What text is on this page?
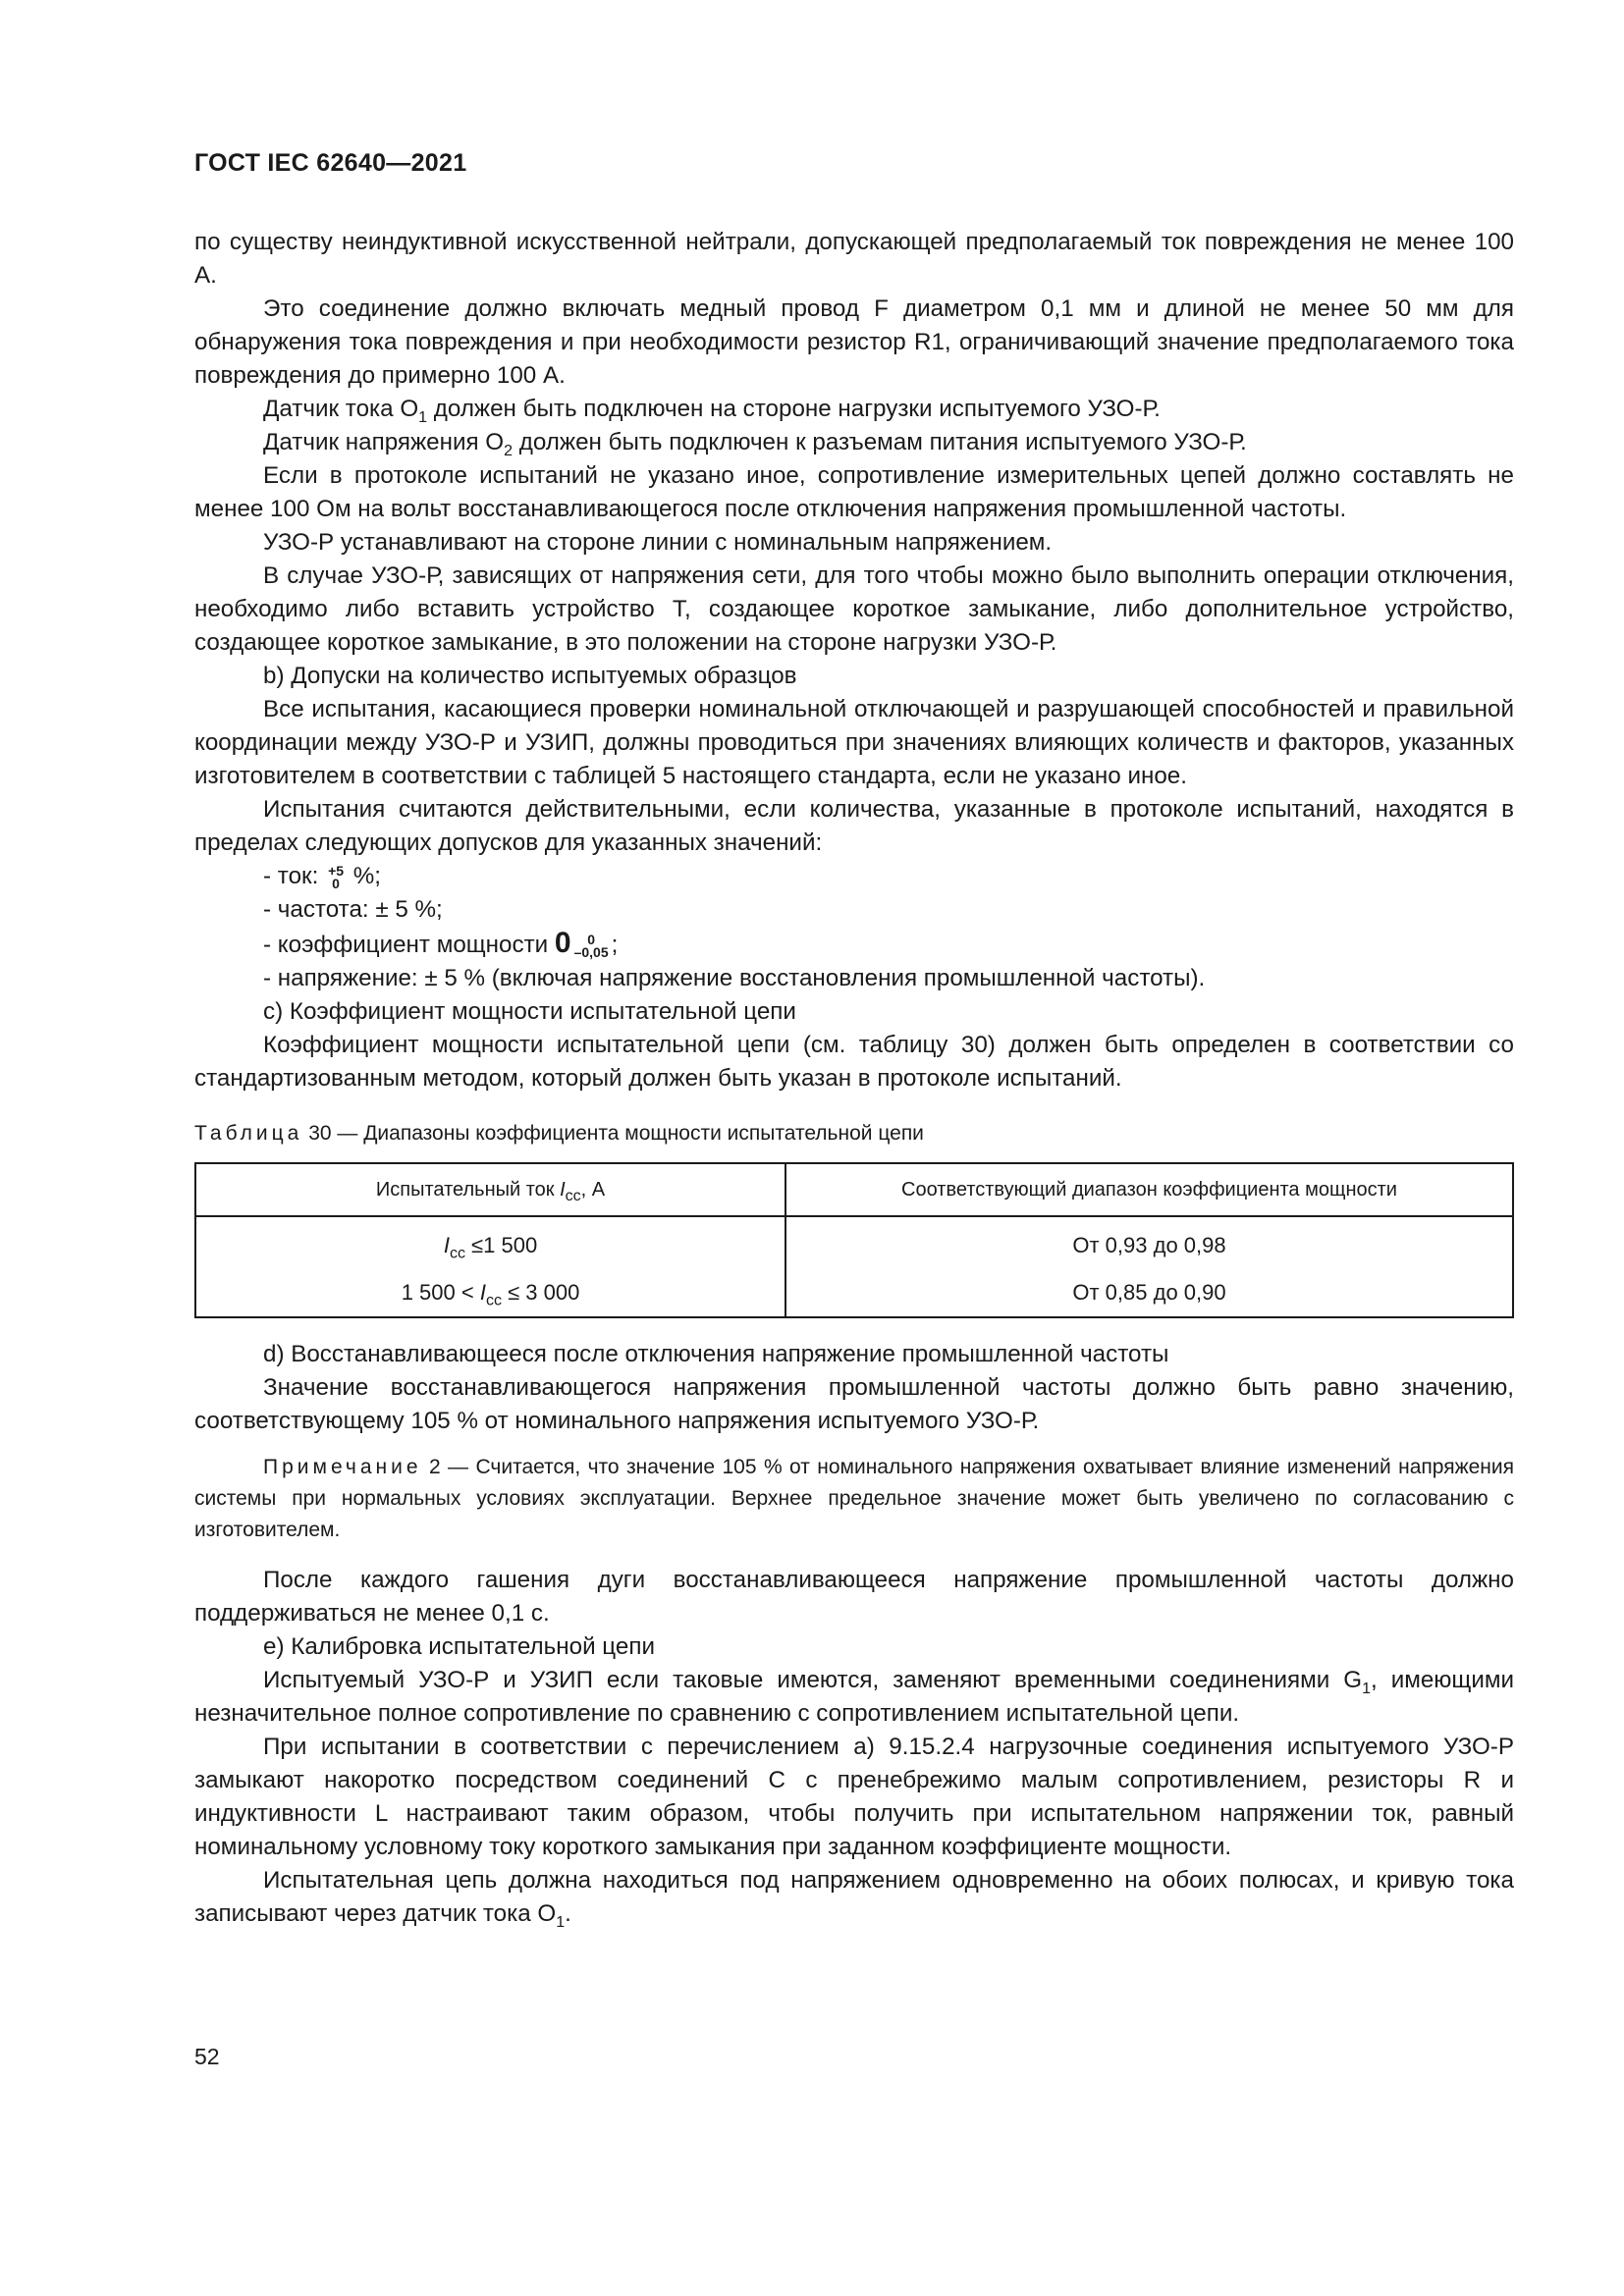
ГОСТ IEC 62640—2021

по существу неиндуктивной искусственной нейтрали, допускающей предполагаемый ток повреждения не менее 100 А.

Это соединение должно включать медный провод F диаметром 0,1 мм и длиной не менее 50 мм для обнаружения тока повреждения и при необходимости резистор R1, ограничивающий значение предполагаемого тока повреждения до примерно 100 А.

Датчик тока $O_1$ должен быть подключен на стороне нагрузки испытуемого УЗО-Р.

Датчик напряжения $O_2$ должен быть подключен к разъемам питания испытуемого УЗО-Р.

Если в протоколе испытаний не указано иное, сопротивление измерительных цепей должно составлять не менее 100 Ом на вольт восстанавливающегося после отключения напряжения промышленной частоты.

УЗО-Р устанавливают на стороне линии с номинальным напряжением.

В случае УЗО-Р, зависящих от напряжения сети, для того чтобы можно было выполнить операции отключения, необходимо либо вставить устройство Т, создающее короткое замыкание, либо дополнительное устройство, создающее короткое замыкание, в это положении на стороне нагрузки УЗО-Р.

b) Допуски на количество испытуемых образцов

Все испытания, касающиеся проверки номинальной отключающей и разрушающей способностей и правильной координации между УЗО-Р и УЗИП, должны проводиться при значениях влияющих количеств и факторов, указанных изготовителем в соответствии с таблицей 5 настоящего стандарта, если не указано иное.

Испытания считаются действительными, если количества, указанные в протоколе испытаний, находятся в пределах следующих допусков для указанных значений:

- ток: +5
0 %;

- частота: ± 5 %;

- коэффициент мощности 0	0
–0,05 ;

- напряжение: ± 5 % (включая напряжение восстановления промышленной частоты).

c) Коэффициент мощности испытательной цепи

Коэффициент мощности испытательной цепи (см. таблицу 30) должен быть определен в соответствии со стандартизованным методом, который должен быть указан в протоколе испытаний.

Таблица 30 — Диапазоны коэффициента мощности испытательной цепи
Испытательный ток $I_{cc}$, А	Соответствующий диапазон коэффициента мощности
$I_{cc} \le 1$ 500	От 0,93 до 0,98
1 $500 < I_{cc} \le 3$ 000	От 0,85 до 0,90

d) Восстанавливающееся после отключения напряжение промышленной частоты

Значение восстанавливающегося напряжения промышленной частоты должно быть равно значению, соответствующему 105 % от номинального напряжения испытуемого УЗО-Р.

Примечание 2 — Считается, что значение 105 % от номинального напряжения охватывает влияние изменений напряжения системы при нормальных условиях эксплуатации. Верхнее предельное значение может быть увеличено по согласованию с изготовителем.

После каждого гашения дуги восстанавливающееся напряжение промышленной частоты должно поддерживаться не менее 0,1 с.

e) Калибровка испытательной цепи

Испытуемый УЗО-Р и УЗИП если таковые имеются, заменяют временными соединениями $G_1$, имеющими незначительное полное сопротивление по сравнению с сопротивлением испытательной цепи.

При испытании в соответствии с перечислением а) 9.15.2.4 нагрузочные соединения испытуемого УЗО-Р замыкают накоротко посредством соединений С с пренебрежимо малым сопротивлением, резисторы R и индуктивности L настраивают таким образом, чтобы получить при испытательном напряжении ток, равный номинальному условному току короткого замыкания при заданном коэффициенте мощности.

Испытательная цепь должна находиться под напряжением одновременно на обоих полюсах, и кривую тока записывают через датчик тока $O_1$.

52
